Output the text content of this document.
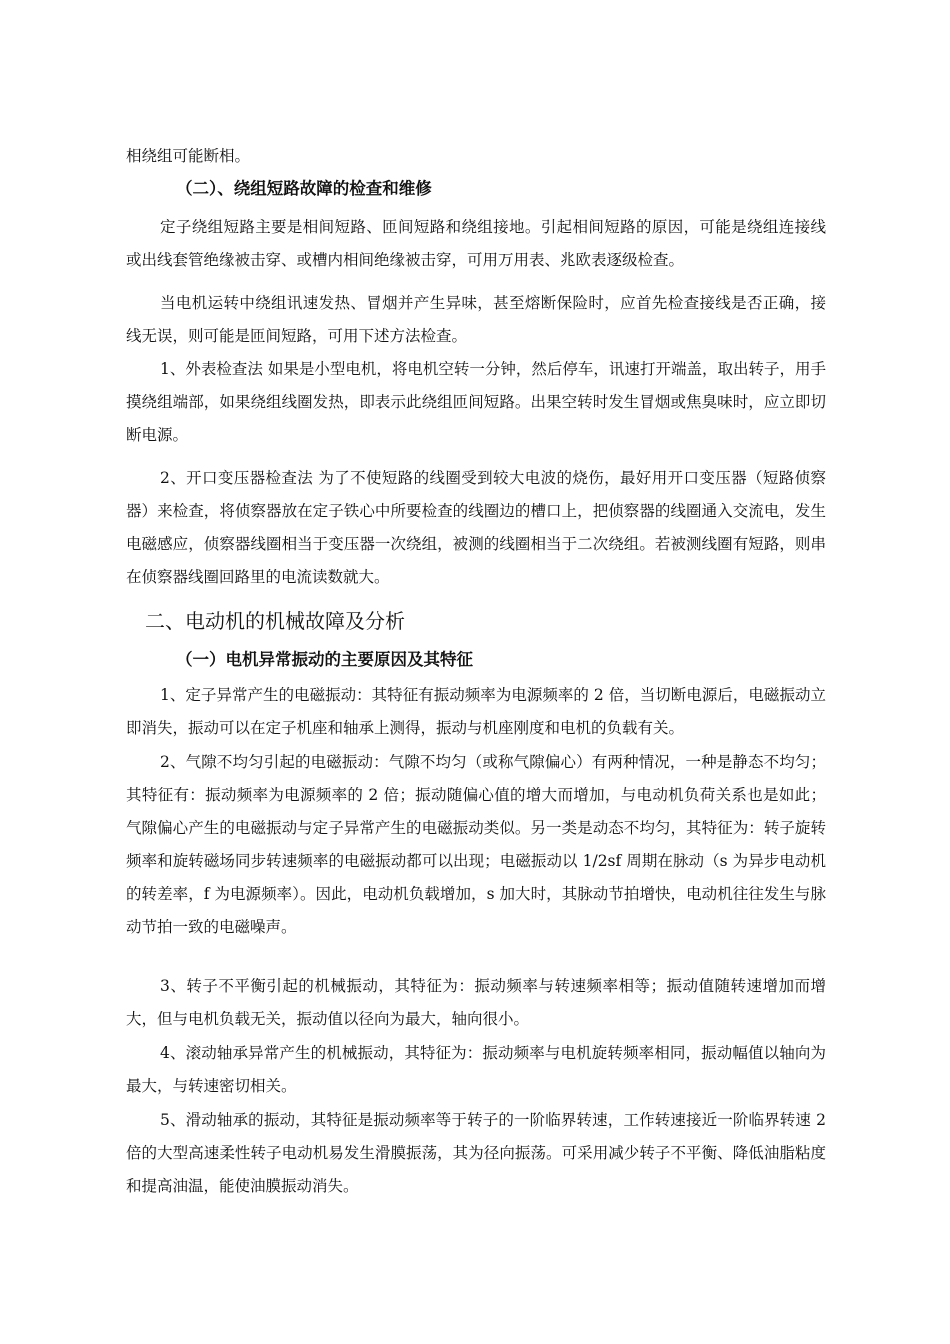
相绕组可能断相。

（二）、绕组短路故障的检查和维修

定子绕组短路主要是相间短路、匝间短路和绕组接地。引起相间短路的原因，可能是绕组连接线或出线套管绝缘被击穿、或槽内相间绝缘被击穿，可用万用表、兆欧表逐级检查。

当电机运转中绕组讯速发热、冒烟并产生异味，甚至熔断保险时，应首先检查接线是否正确，接线无误，则可能是匝间短路，可用下述方法检查。

1、外表检查法 如果是小型电机，将电机空转一分钟，然后停车，讯速打开端盖，取出转子，用手摸绕组端部，如果绕组线圈发热，即表示此绕组匝间短路。出果空转时发生冒烟或焦臭味时，应立即切断电源。

2、开口变压器检查法 为了不使短路的线圈受到较大电波的烧伤，最好用开口变压器（短路侦察器）来检查，将侦察器放在定子铁心中所要检查的线圈边的槽口上，把侦察器的线圈通入交流电，发生电磁感应，侦察器线圈相当于变压器一次绕组，被测的线圈相当于二次绕组。若被测线圈有短路，则串在侦察器线圈回路里的电流读数就大。

二、电动机的机械故障及分析
（一）电机异常振动的主要原因及其特征

1、定子异常产生的电磁振动：其特征有振动频率为电源频率的 2 倍，当切断电源后，电磁振动立即消失，振动可以在定子机座和轴承上测得，振动与机座刚度和电机的负载有关。

2、气隙不均匀引起的电磁振动：气隙不均匀（或称气隙偏心）有两种情况，一种是静态不均匀；其特征有：振动频率为电源频率的 2 倍；振动随偏心值的增大而增加，与电动机负荷关系也是如此；气隙偏心产生的电磁振动与定子异常产生的电磁振动类似。另一类是动态不均匀，其特征为：转子旋转频率和旋转磁场同步转速频率的电磁振动都可以出现；电磁振动以 1/2sf 周期在脉动（s 为异步电动机的转差率，f 为电源频率）。因此，电动机负载增加，s 加大时，其脉动节拍增快，电动机往往发生与脉动节拍一致的电磁噪声。

3、转子不平衡引起的机械振动，其特征为：振动频率与转速频率相等；振动值随转速增加而增大，但与电机负载无关，振动值以径向为最大，轴向很小。

4、滚动轴承异常产生的机械振动，其特征为：振动频率与电机旋转频率相同，振动幅值以轴向为最大，与转速密切相关。

5、滑动轴承的振动，其特征是振动频率等于转子的一阶临界转速，工作转速接近一阶临界转速 2 倍的大型高速柔性转子电动机易发生滑膜振荡，其为径向振荡。可采用减少转子不平衡、降低油脂粘度和提高油温，能使油膜振动消失。
